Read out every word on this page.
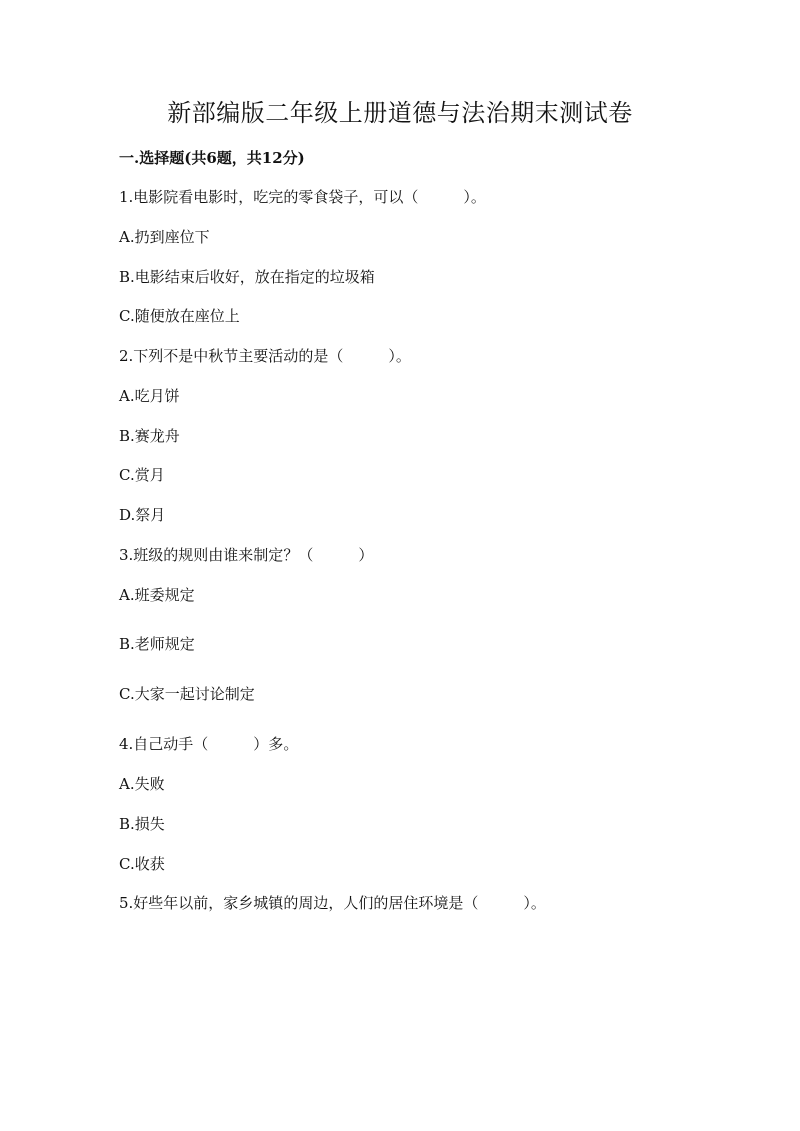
新部编版二年级上册道德与法治期末测试卷
一.选择题(共6题，共12分)
1.电影院看电影时，吃完的零食袋子，可以（　　　）。
A.扔到座位下
B.电影结束后收好，放在指定的垃圾箱
C.随便放在座位上
2.下列不是中秋节主要活动的是（　　　）。
A.吃月饼
B.赛龙舟
C.赏月
D.祭月
3.班级的规则由谁来制定？（　　　）
A.班委规定
B.老师规定
C.大家一起讨论制定
4.自己动手（　　　）多。
A.失败
B.损失
C.收获
5.好些年以前，家乡城镇的周边，人们的居住环境是（　　　）。
